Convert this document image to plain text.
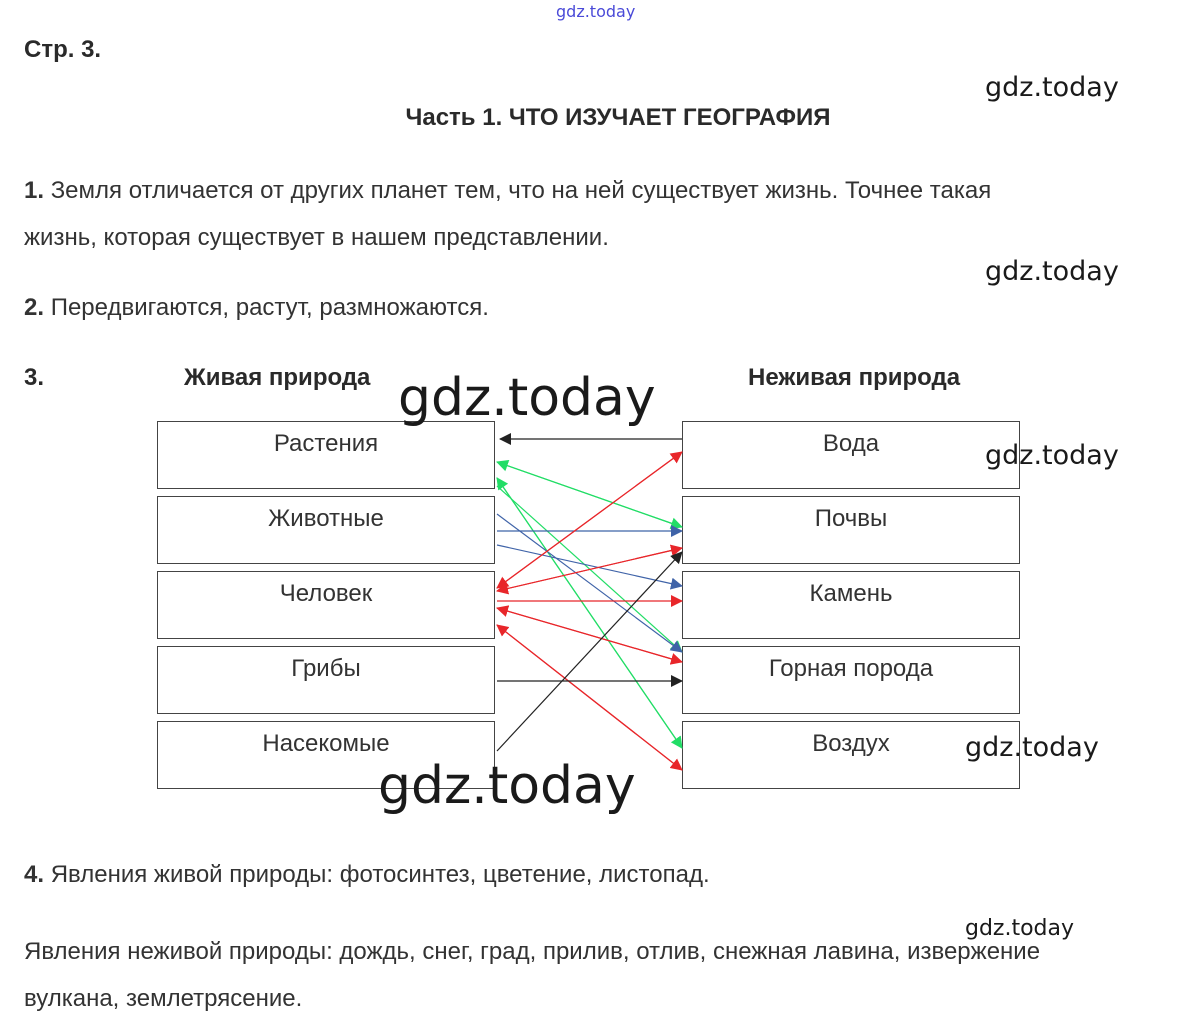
gdz.today
Стр. 3.
Часть 1. ЧТО ИЗУЧАЕТ ГЕОГРАФИЯ
1. Земля отличается от других планет тем, что на ней существует жизнь. Точнее такая
жизнь, которая существует в нашем представлении.
2. Передвигаются, растут, размножаются.
3.	Живая природа	Неживая природа
Растения
Животные
Человек
Грибы
Насекомые
Вода
Почвы
Камень
Горная порода
Воздух
4. Явления живой природы: фотосинтез, цветение, листопад.
Явления неживой природы: дождь, снег, град, прилив, отлив, снежная лавина, извержение
вулкана, землетрясение.
gdz.today
gdz.today
gdz.today
gdz.today
gdz.today
gdz.today
gdz.today
